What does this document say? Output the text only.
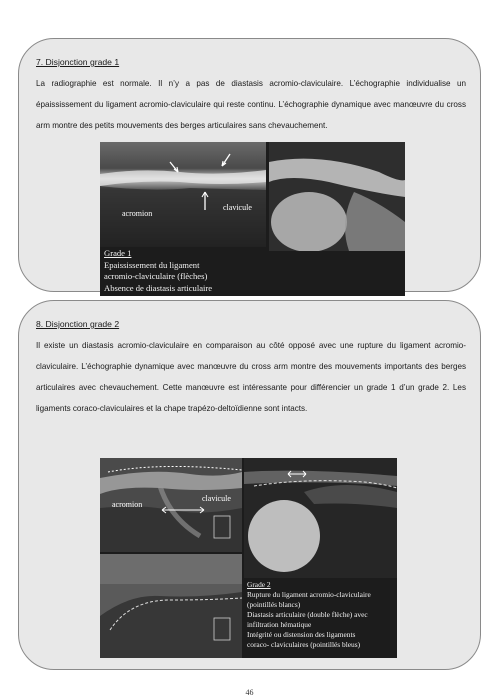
7. Disjonction grade 1
La radiographie est normale. Il n’y a pas de diastasis acromio-claviculaire. L’échographie individualise un épaississement du ligament acromio-claviculaire qui reste continu. L’échographie dynamique avec manœuvre du cross arm montre des petits mouvements des berges articulaires sans chevauchement.
acromion
clavicule
Grade 1
Epaississement du ligament
acromio-claviculaire (flèches)
Absence de diastasis articulaire
8. Disjonction grade 2
Il existe un diastasis acromio-claviculaire en comparaison au côté opposé avec une rupture du ligament acromio-claviculaire. L’échographie dynamique avec manœuvre du cross arm montre des mouvements importants des berges articulaires avec chevauchement. Cette manœuvre est intéressante pour différencier un grade 1 d’un grade 2. Les ligaments coraco-claviculaires et la chape trapézo-deltoïdienne sont intacts.
acromion
clavicule
Grade 2
Rupture du ligament acromio-claviculaire
(pointillés blancs)
Diastasis articulaire (double flèche) avec
infiltration hématique
Intégrité ou distension des ligaments
coraco- claviculaires (pointillés bleus)
46
